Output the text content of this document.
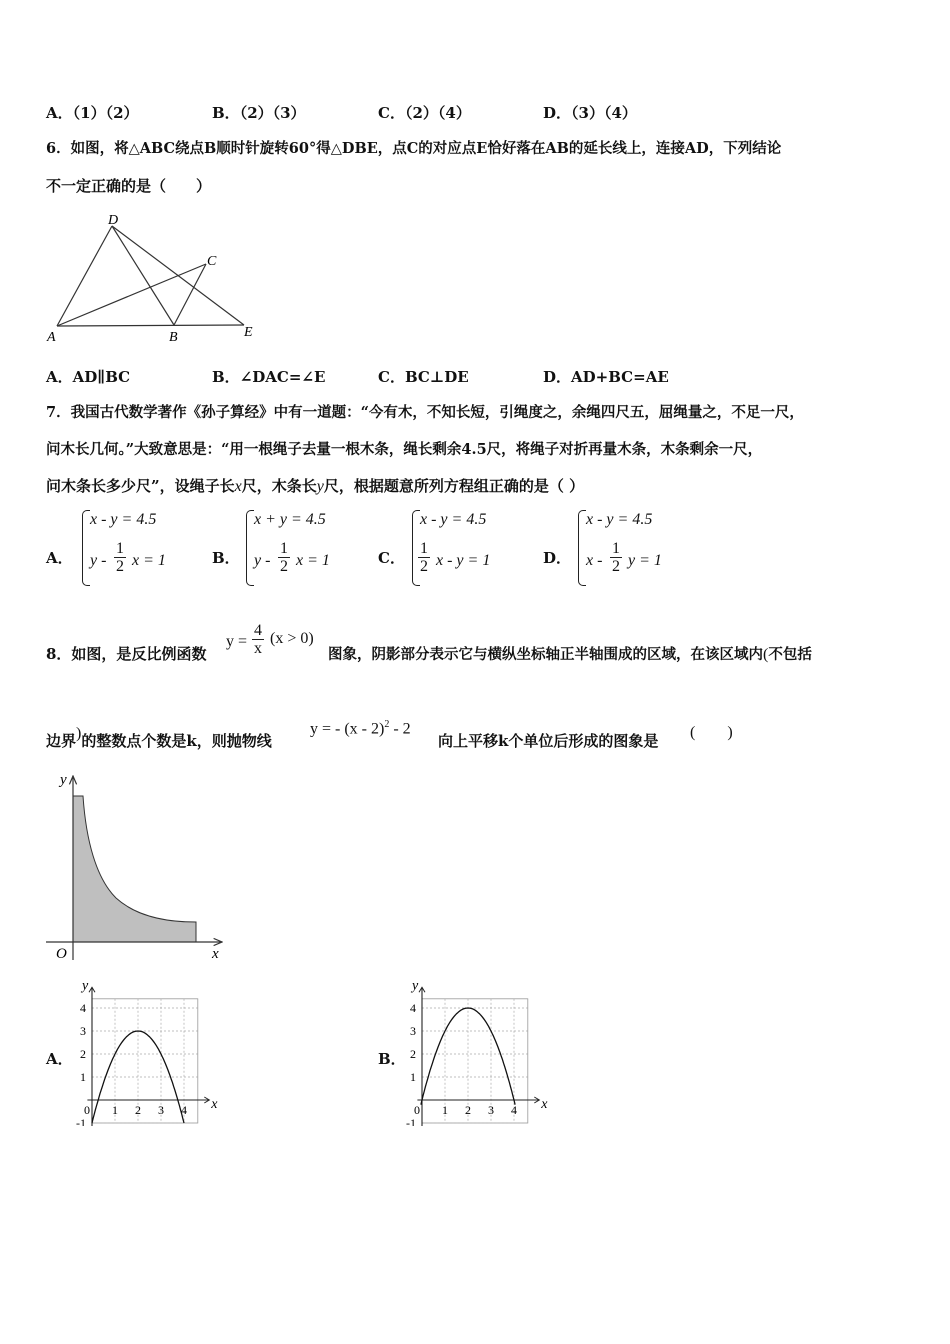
A．（1）（2）	B．（2）（3）	C．（2）（4）	D．（3）（4）
6．如图，将△ABC绕点B顺时针旋转60°得△DBE，点C的对应点E恰好落在AB的延长线上，连接AD，下列结论
不一定正确的是（　　）
D
C
A	B	E
A．AD∥BC	B．∠DAC=∠E	C．BC⊥DE	D．AD+BC=AE
7．我国古代数学著作《孙子算经》中有一道题：“今有木，不知长短，引绳度之，余绳四尺五，屈绳量之，不足一尺，
问木长几何。”大致意思是：“用一根绳子去量一根木条，绳长剩余4.5尺，将绳子对折再量木条，木条剩余一尺，
问木条长多少尺”，设绳子长x尺，木条长y尺，根据题意所列方程组正确的是（ ）
A．
x - y = 4.5
y - $\frac{1}{2}$ x = 1	B．
x + y = 4.5
y - $\frac{1}{2}$ x = 1	C．
x - y = 4.5
$\frac{1}{2}$ x - y = 1	D．
x - y = 4.5
x - $\frac{1}{2}$ y = 1
8．如图，是反比例函数
$y = \frac{4}{x} (x > 0)$
图象，阴影部分表示它与横纵坐标轴正半轴围成的区域，在该区域内(不包括
边界)的整数点个数是k，则抛物线
y = - (x - 2)$^2$ - 2
向上平移k个单位后形成的图象是 (　　)
y
x
O
A．
0 1 2 3 4
4
3
2
1
-1
x
y
B．
0 1 2 3 4
4
3
2
1
-1
x
y
